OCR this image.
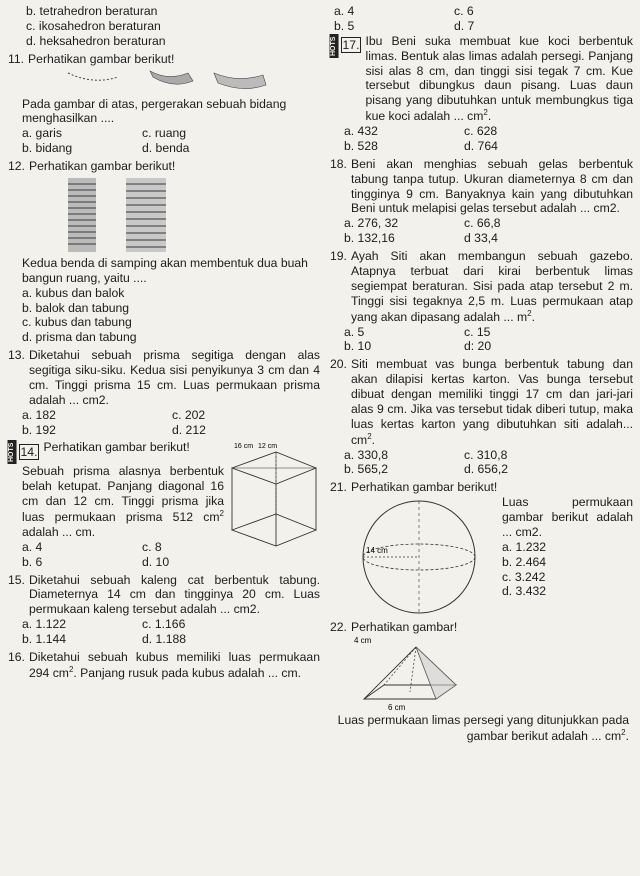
b. tetrahedron beraturan
c. ikosahedron beraturan
d. heksahedron beraturan
11. Perhatikan gambar berikut!
Pada gambar di atas, pergerakan sebuah bidang menghasilkan ....
a. garis	c. ruang
b. bidang	d. benda
12. Perhatikan gambar berikut!
Kedua benda di samping akan membentuk dua buah bangun ruang, yaitu ....
a. kubus dan balok
b. balok dan tabung
c. kubus dan tabung
d. prisma dan tabung
13. Diketahui sebuah prisma segitiga dengan alas segitiga siku-siku. Kedua sisi penyikunya 3 cm dan 4 cm. Tinggi prisma 15 cm. Luas permukaan prisma adalah ... cm2.
a. 182	c. 202
b. 192	d. 212
16 cm 12 cm
HOTS 14. Perhatikan gambar berikut!
Sebuah prisma alasnya berbentuk belah ketupat. Panjang diagonal 16 cm dan 12 cm. Tinggi prisma jika luas permukaan prisma 512 $cm^2$ adalah ... cm.
a. 4	c. 8
b. 6	d. 10
15. Diketahui sebuah kaleng cat berbentuk tabung. Diameternya 14 cm dan tingginya 20 cm. Luas permukaan kaleng tersebut adalah ... cm2.
a. 1.122	c. 1.166
b. 1.144	d. 1.188
16. Diketahui sebuah kubus memiliki luas permukaan 294 $cm^2$. Panjang rusuk pada kubus adalah ... cm.
a. 4	c. 6
b. 5	d. 7
HOTS 17. Ibu Beni suka membuat kue koci berbentuk limas. Bentuk alas limas adalah persegi. Panjang sisi alas 8 cm, dan tinggi sisi tegak 7 cm. Kue tersebut dibungkus daun pisang. Luas daun pisang yang dibutuhkan untuk membungkus tiga kue koci adalah ... $cm^2$.
a. 432	c. 628
b. 528	d. 764
18. Beni akan menghias sebuah gelas berbentuk tabung tanpa tutup. Ukuran diameternya 8 cm dan tingginya 9 cm. Banyaknya kain yang dibutuhkan Beni untuk melapisi gelas tersebut adalah ... cm2.
a. 276, 32	c. 66,8
b. 132,16	d 33,4
19. Ayah Siti akan membangun sebuah gazebo. Atapnya terbuat dari kirai berbentuk limas segiempat beraturan. Sisi pada atap tersebut 2 m. Tinggi sisi tegaknya 2,5 m. Luas permukaan atap yang akan dipasang adalah ... $m^2$.
a. 5	c. 15
b. 10	d: 20
20. Siti membuat vas bunga berbentuk tabung dan akan dilapisi kertas karton. Vas bunga tersebut dibuat dengan memiliki tinggi 17 cm dan jari-jari alas 9 cm. Jika vas tersebut tidak diberi tutup, maka luas kertas karton yang dibutuhkan siti adalah... $cm^2$.
a. 330,8	c. 310,8
b. 565,2	d. 656,2
21. Perhatikan gambar berikut!
14 cm
Luas permukaan gambar berikut adalah ... cm2.
a. 1.232
b. 2.464
c. 3.242
d. 3.432
22. Perhatikan gambar!
4 cm
6 cm
Luas permukaan limas persegi yang ditunjukkan pada gambar berikut adalah ... $cm^2$.
